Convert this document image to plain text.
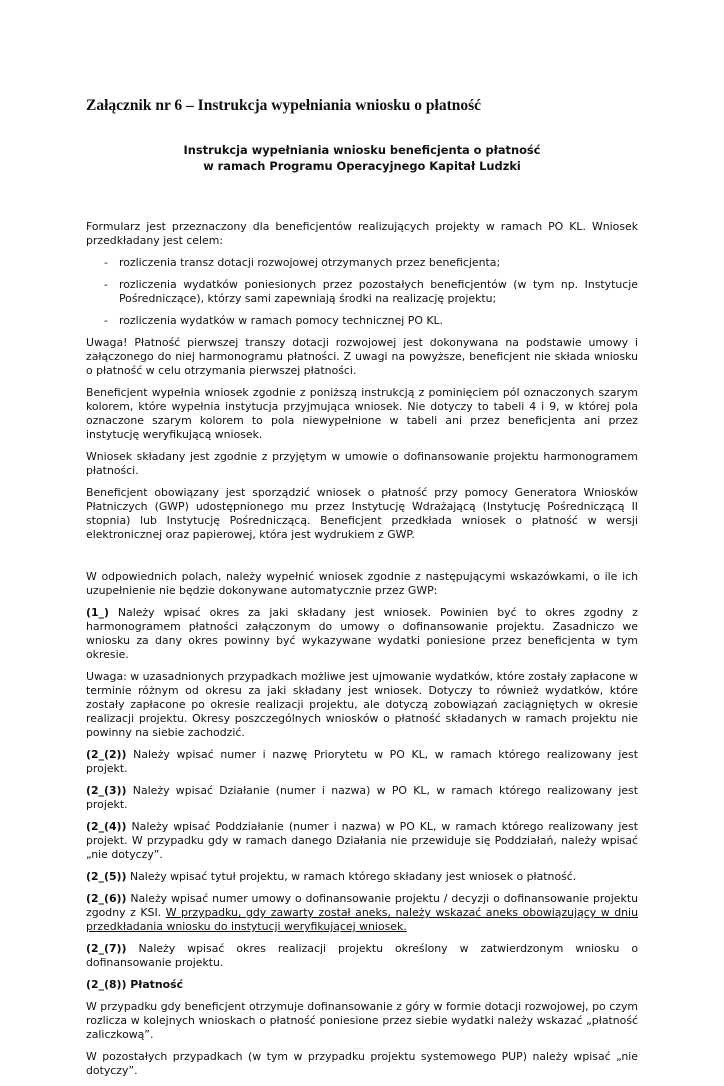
Załącznik nr 6 – Instrukcja wypełniania wniosku o płatność
Instrukcja wypełniania wniosku beneficjenta o płatność
w ramach Programu Operacyjnego Kapitał Ludzki

Formularz jest przeznaczony dla beneficjentów realizujących projekty w ramach PO KL. Wniosek przedkładany jest celem:

- rozliczenia transz dotacji rozwojowej otrzymanych przez beneficjenta;
- rozliczenia wydatków poniesionych przez pozostałych beneficjentów (w tym np. Instytucje Pośredniczące), którzy sami zapewniają środki na realizację projektu;
- rozliczenia wydatków w ramach pomocy technicznej PO KL.

Uwaga! Płatność pierwszej transzy dotacji rozwojowej jest dokonywana na podstawie umowy i załączonego do niej harmonogramu płatności. Z uwagi na powyższe, beneficjent nie składa wniosku o płatność w celu otrzymania pierwszej płatności.

Beneficjent wypełnia wniosek zgodnie z poniższą instrukcją z pominięciem pól oznaczonych szarym kolorem, które wypełnia instytucja przyjmująca wniosek. Nie dotyczy to tabeli 4 i 9, w której pola oznaczone szarym kolorem to pola niewypełnione w tabeli ani przez beneficjenta ani przez instytucję weryfikującą wniosek.

Wniosek składany jest zgodnie z przyjętym w umowie o dofinansowanie projektu harmonogramem płatności.

Beneficjent obowiązany jest sporządzić wniosek o płatność przy pomocy Generatora Wniosków Płatniczych (GWP) udostępnionego mu przez Instytucję Wdrażającą (Instytucję Pośredniczącą II stopnia) lub Instytucję Pośredniczącą. Beneficjent przedkłada wniosek o płatność w wersji elektronicznej oraz papierowej, która jest wydrukiem z GWP.

W odpowiednich polach, należy wypełnić wniosek zgodnie z następującymi wskazówkami, o ile ich uzupełnienie nie będzie dokonywane automatycznie przez GWP:

(1_) Należy wpisać okres za jaki składany jest wniosek. Powinien być to okres zgodny z harmonogramem płatności załączonym do umowy o dofinansowanie projektu. Zasadniczo we wniosku za dany okres powinny być wykazywane wydatki poniesione przez beneficjenta w tym okresie.

Uwaga: w uzasadnionych przypadkach możliwe jest ujmowanie wydatków, które zostały zapłacone w terminie różnym od okresu za jaki składany jest wniosek. Dotyczy to również wydatków, które zostały zapłacone po okresie realizacji projektu, ale dotyczą zobowiązań zaciągniętych w okresie realizacji projektu. Okresy poszczególnych wniosków o płatność składanych w ramach projektu nie powinny na siebie zachodzić.

(2_(2)) Należy wpisać numer i nazwę Priorytetu w PO KL, w ramach którego realizowany jest projekt.

(2_(3)) Należy wpisać Działanie (numer i nazwa) w PO KL, w ramach którego realizowany jest projekt.

(2_(4)) Należy wpisać Poddziałanie (numer i nazwa) w PO KL, w ramach którego realizowany jest projekt. W przypadku gdy w ramach danego Działania nie przewiduje się Poddziałań, należy wpisać „nie dotyczy”.

(2_(5)) Należy wpisać tytuł projektu, w ramach którego składany jest wniosek o płatność.

(2_(6)) Należy wpisać numer umowy o dofinansowanie projektu / decyzji o dofinansowanie projektu zgodny z KSI. W przypadku, gdy zawarty został aneks, należy wskazać aneks obowiązujący w dniu przedkładania wniosku do instytucji weryfikującej wniosek.

(2_(7)) Należy wpisać okres realizacji projektu określony w zatwierdzonym wniosku o dofinansowanie projektu.

(2_(8)) Płatność

W przypadku gdy beneficjent otrzymuje dofinansowanie z góry w formie dotacji rozwojowej, po czym rozlicza w kolejnych wnioskach o płatność poniesione przez siebie wydatki należy wskazać „płatność zaliczkową”.

W pozostałych przypadkach (w tym w przypadku projektu systemowego PUP) należy wpisać „nie dotyczy”.
